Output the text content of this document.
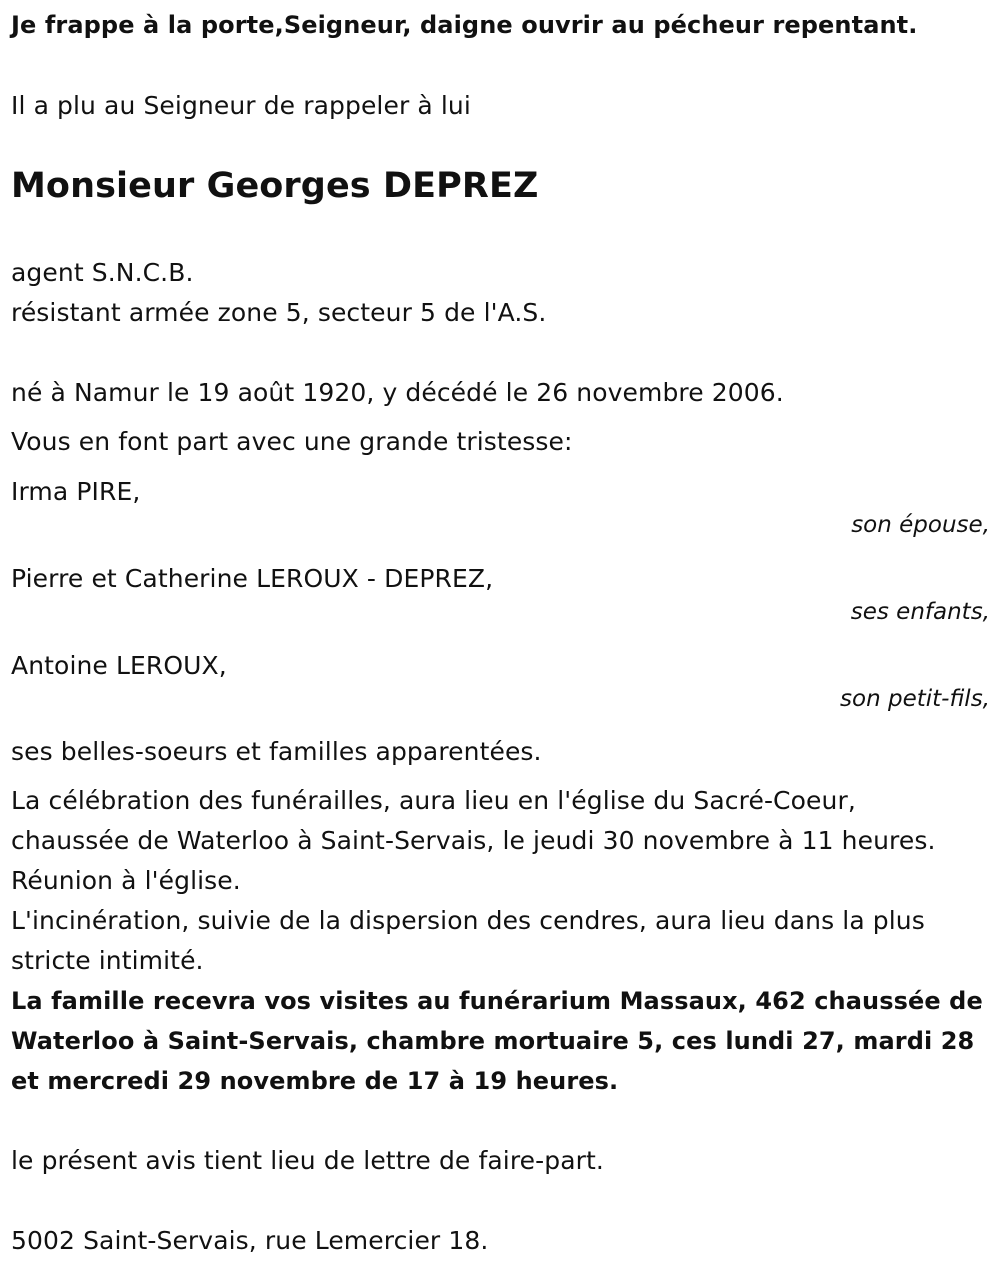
Je frappe à la porte,Seigneur, daigne ouvrir au pécheur repentant.
Il a plu au Seigneur de rappeler à lui
Monsieur Georges DEPREZ
agent S.N.C.B.
résistant armée zone 5, secteur 5 de l'A.S.
né à Namur le 19 août 1920, y décédé le 26 novembre 2006.
Vous en font part avec une grande tristesse:
Irma PIRE,
son épouse,
Pierre et Catherine LEROUX - DEPREZ,
ses enfants,
Antoine LEROUX,
son petit-fils,
ses belles-soeurs et familles apparentées.
La célébration des funérailles, aura lieu en l'église du Sacré-Coeur,
chaussée de Waterloo à Saint-Servais, le jeudi 30 novembre à 11 heures.
Réunion à l'église.
L'incinération, suivie de la dispersion des cendres, aura lieu dans la plus
stricte intimité.
La famille recevra vos visites au funérarium Massaux, 462 chaussée de
Waterloo à Saint-Servais, chambre mortuaire 5, ces lundi 27, mardi 28
et mercredi 29 novembre de 17 à 19 heures.
le présent avis tient lieu de lettre de faire-part.
5002 Saint-Servais, rue Lemercier 18.
